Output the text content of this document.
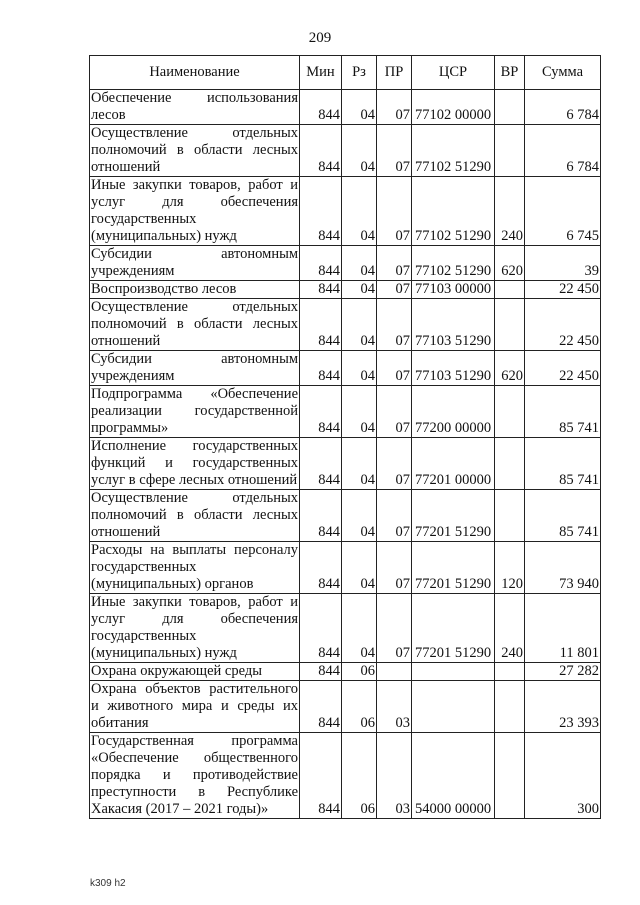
209
Наименование	Мин	Рз	ПР	ЦСР	ВР	Сумма
Обеспечение использования лесов	844	04	07	77102 00000		6 784
Осуществление отдельных полномочий в области лесных отношений	844	04	07	77102 51290		6 784
Иные закупки товаров, работ и услуг для обеспечения государственных (муниципальных) нужд	844	04	07	77102 51290	240	6 745
Субсидии автономным учреждениям	844	04	07	77102 51290	620	39
Воспроизводство лесов	844	04	07	77103 00000		22 450
Осуществление отдельных полномочий в области лесных отношений	844	04	07	77103 51290		22 450
Субсидии автономным учреждениям	844	04	07	77103 51290	620	22 450
Подпрограмма «Обеспечение реализации государственной программы»	844	04	07	77200 00000		85 741
Исполнение государственных функций и государственных услуг в сфере лесных отношений	844	04	07	77201 00000		85 741
Осуществление отдельных полномочий в области лесных отношений	844	04	07	77201 51290		85 741
Расходы на выплаты персоналу государственных (муниципальных) органов	844	04	07	77201 51290	120	73 940
Иные закупки товаров, работ и услуг для обеспечения государственных (муниципальных) нужд	844	04	07	77201 51290	240	11 801
Охрана окружающей среды	844	06				27 282
Охрана объектов растительного и животного мира и среды их обитания	844	06	03			23 393
Государственная программа «Обеспечение общественного порядка и противодействие преступности в Республике Хакасия (2017 – 2021 годы)»	844	06	03	54000 00000		300
k309 h2
